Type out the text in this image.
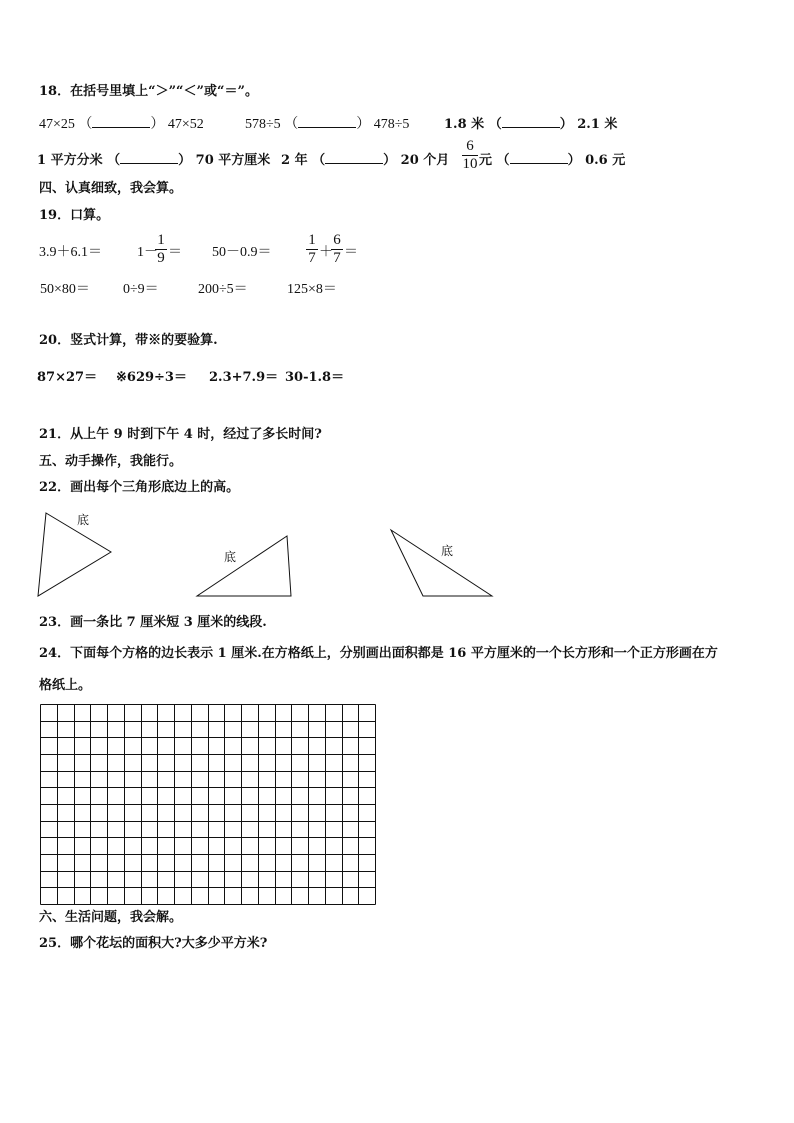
18．在括号里填上“＞”“＜”或“＝”。
47×25 （	） 47×52	578÷5 （	） 478÷5	1.8 米 （	） 2.1 米
1 平方分米 （	） 70 平方厘米 2 年 （	） 20 个月
6
10 元 （	） 0.6 元
四、认真细致，我会算。
19．口算。
3.9＋6.1＝	1－
1
9 ＝ 50－0.9＝
1
7 ＋
6
7 ＝
50×80＝ 0÷9＝	200÷5＝	125×8＝
20．竖式计算，带※的要验算.
87×27＝ ※629÷3＝ 2.3+7.9＝ 30-1.8＝
21．从上午 9 时到下午 4 时，经过了多长时间?
五、动手操作，我能行。
22．画出每个三角形底边上的高。
底
底	底
23．画一条比 7 厘米短 3 厘米的线段.
24．下面每个方格的边长表示 1 厘米.在方格纸上，分别画出面积都是 16 平方厘米的一个长方形和一个正方形画在方
格纸上。
六、生活问题，我会解。
25．哪个花坛的面积大?大多少平方米?
